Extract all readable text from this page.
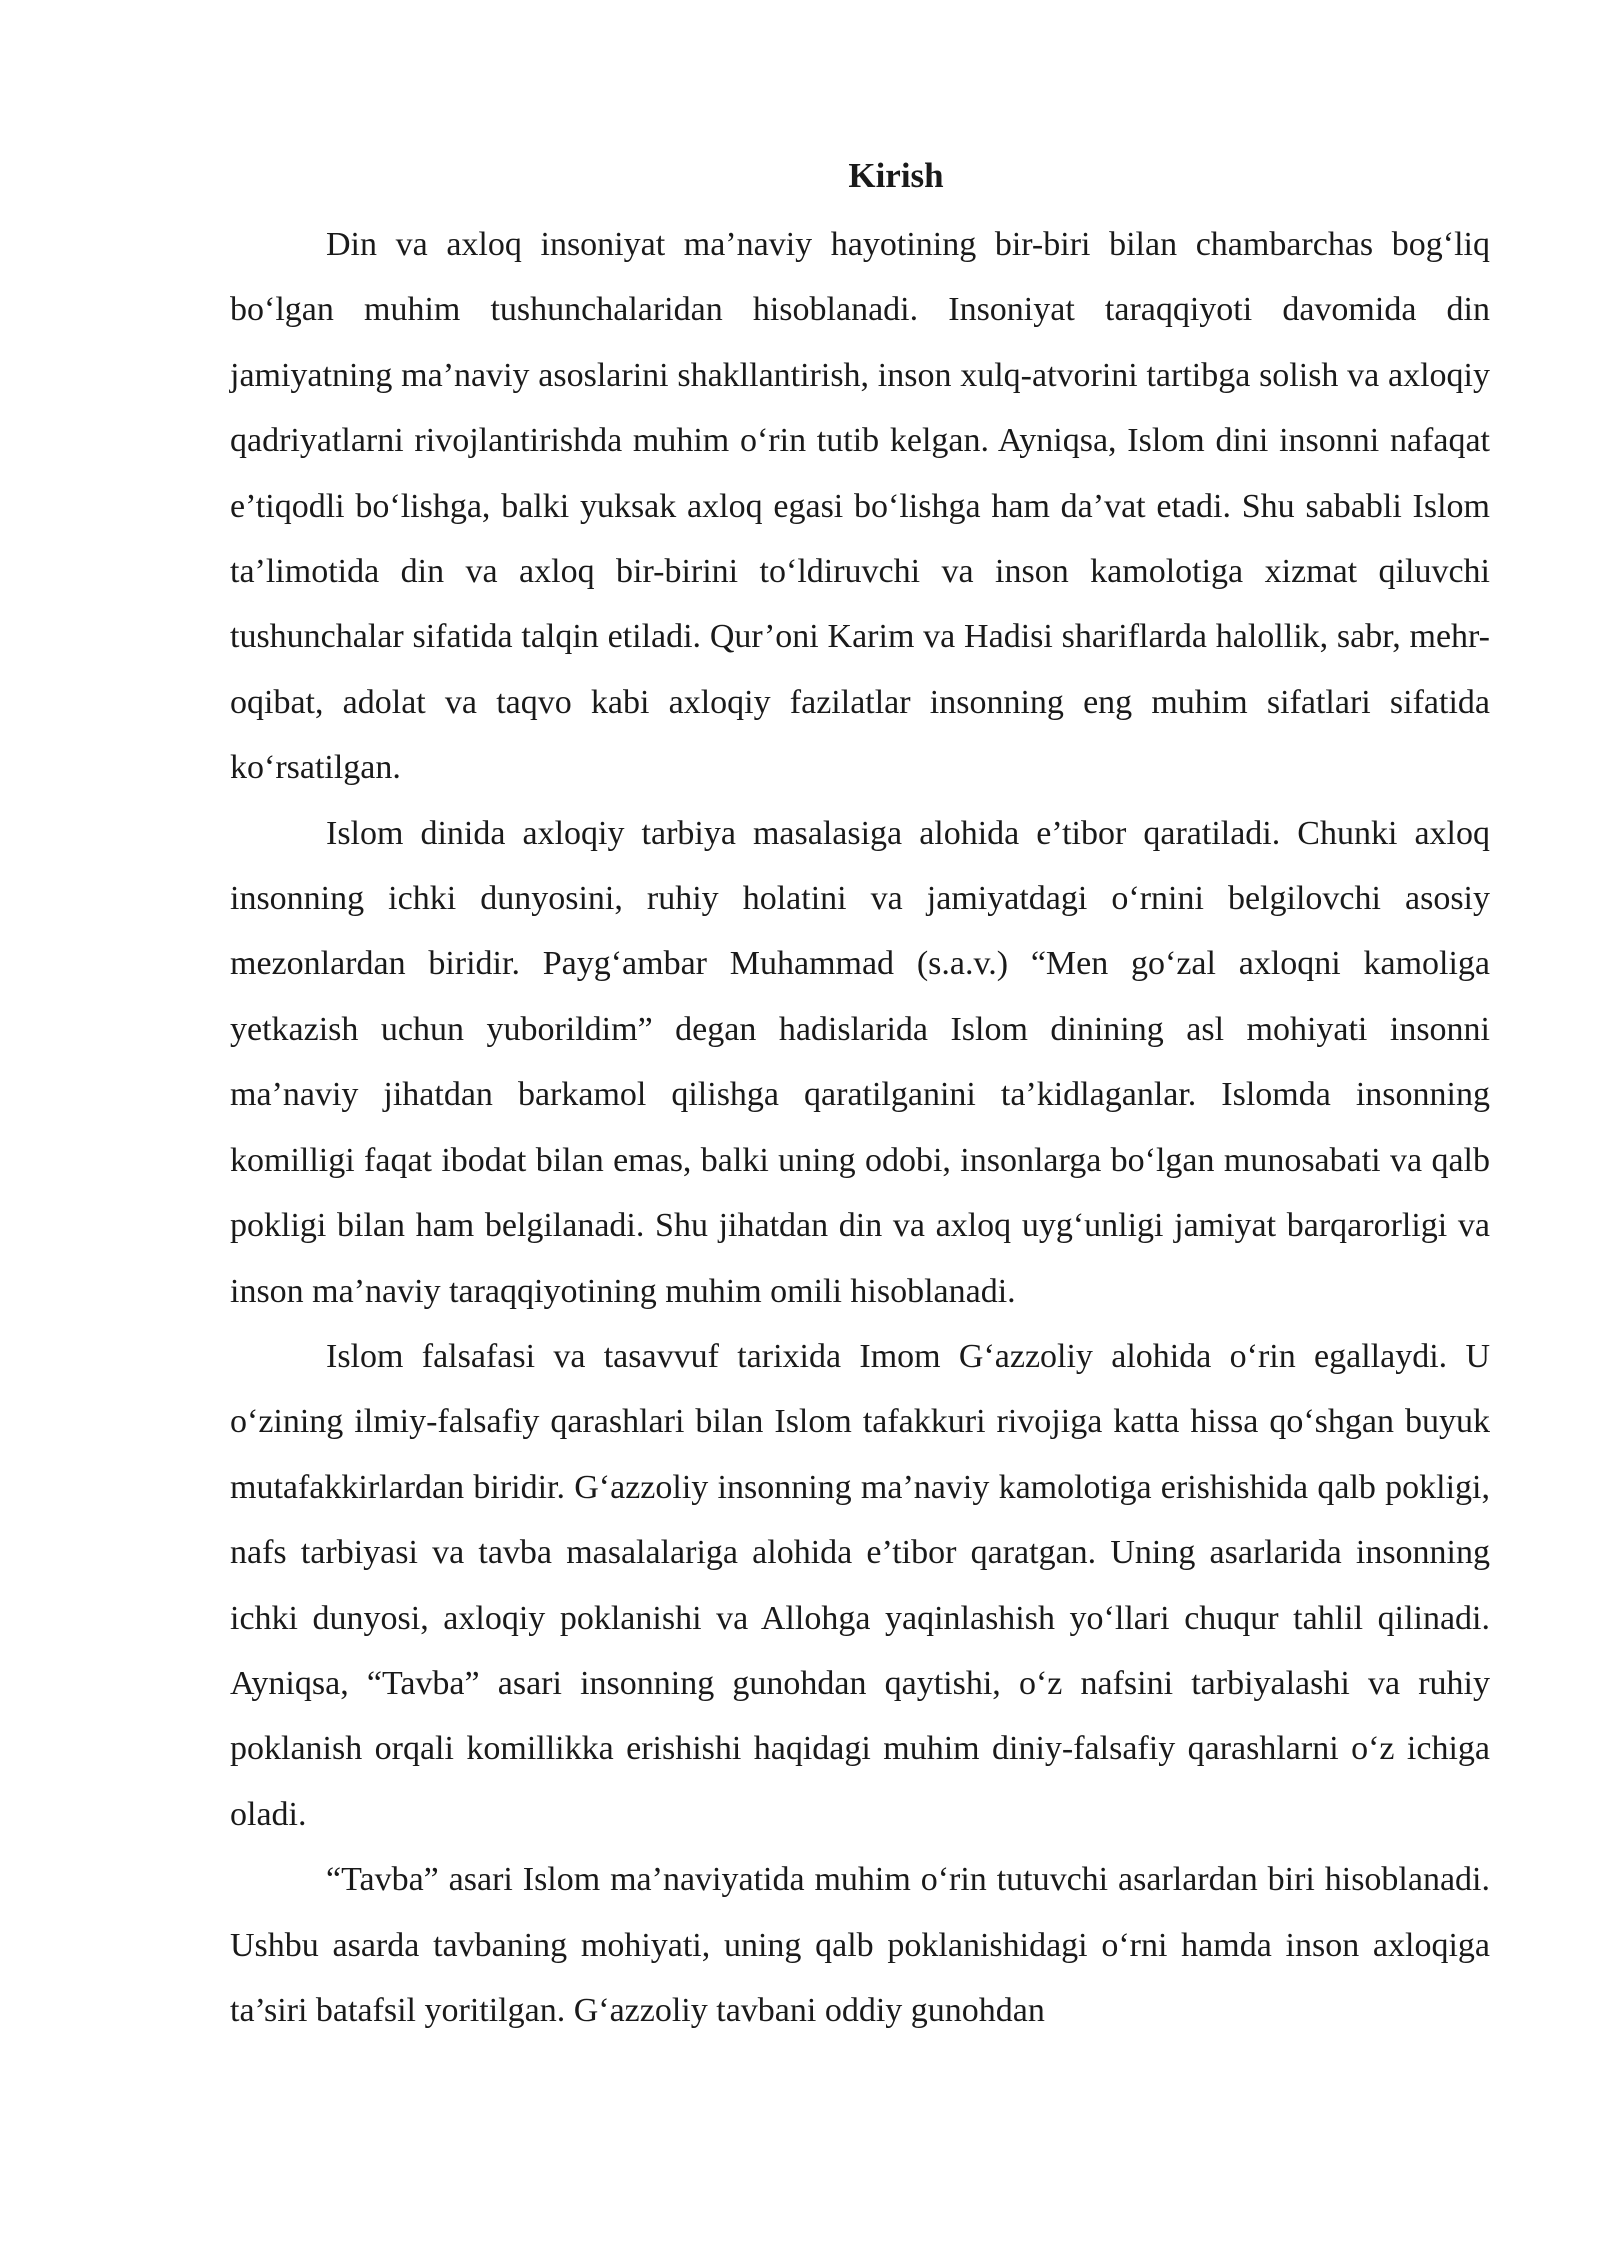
Kirish

Din va axloq insoniyat ma’naviy hayotining bir-biri bilan chambarchas bog‘liq bo‘lgan muhim tushunchalaridan hisoblanadi. Insoniyat taraqqiyoti davomida din jamiyatning ma’naviy asoslarini shakllantirish, inson xulq-atvorini tartibga solish va axloqiy qadriyatlarni rivojlantirishda muhim o‘rin tutib kelgan. Ayniqsa, Islom dini insonni nafaqat e’tiqodli bo‘lishga, balki yuksak axloq egasi bo‘lishga ham da’vat etadi. Shu sababli Islom ta’limotida din va axloq bir-birini to‘ldiruvchi va inson kamolotiga xizmat qiluvchi tushunchalar sifatida talqin etiladi. Qur’oni Karim va Hadisi shariflarda halollik, sabr, mehr-oqibat, adolat va taqvo kabi axloqiy fazilatlar insonning eng muhim sifatlari sifatida ko‘rsatilgan.

Islom dinida axloqiy tarbiya masalasiga alohida e’tibor qaratiladi. Chunki axloq insonning ichki dunyosini, ruhiy holatini va jamiyatdagi o‘rnini belgilovchi asosiy mezonlardan biridir. Payg‘ambar Muhammad (s.a.v.) “Men go‘zal axloqni kamoliga yetkazish uchun yuborildim” degan hadislarida Islom dinining asl mohiyati insonni ma’naviy jihatdan barkamol qilishga qaratilganini ta’kidlaganlar. Islomda insonning komilligi faqat ibodat bilan emas, balki uning odobi, insonlarga bo‘lgan munosabati va qalb pokligi bilan ham belgilanadi. Shu jihatdan din va axloq uyg‘unligi jamiyat barqarorligi va inson ma’naviy taraqqiyotining muhim omili hisoblanadi.

Islom falsafasi va tasavvuf tarixida Imom G‘azzoliy alohida o‘rin egallaydi. U o‘zining ilmiy-falsafiy qarashlari bilan Islom tafakkuri rivojiga katta hissa qo‘shgan buyuk mutafakkirlardan biridir. G‘azzoliy insonning ma’naviy kamolotiga erishishida qalb pokligi, nafs tarbiyasi va tavba masalalariga alohida e’tibor qaratgan. Uning asarlarida insonning ichki dunyosi, axloqiy poklanishi va Allohga yaqinlashish yo‘llari chuqur tahlil qilinadi. Ayniqsa, “Tavba” asari insonning gunohdan qaytishi, o‘z nafsini tarbiyalashi va ruhiy poklanish orqali komillikka erishishi haqidagi muhim diniy-falsafiy qarashlarni o‘z ichiga oladi.

“Tavba” asari Islom ma’naviyatida muhim o‘rin tutuvchi asarlardan biri hisoblanadi. Ushbu asarda tavbaning mohiyati, uning qalb poklanishidagi o‘rni hamda inson axloqiga ta’siri batafsil yoritilgan. G‘azzoliy tavbani oddiy gunohdan
